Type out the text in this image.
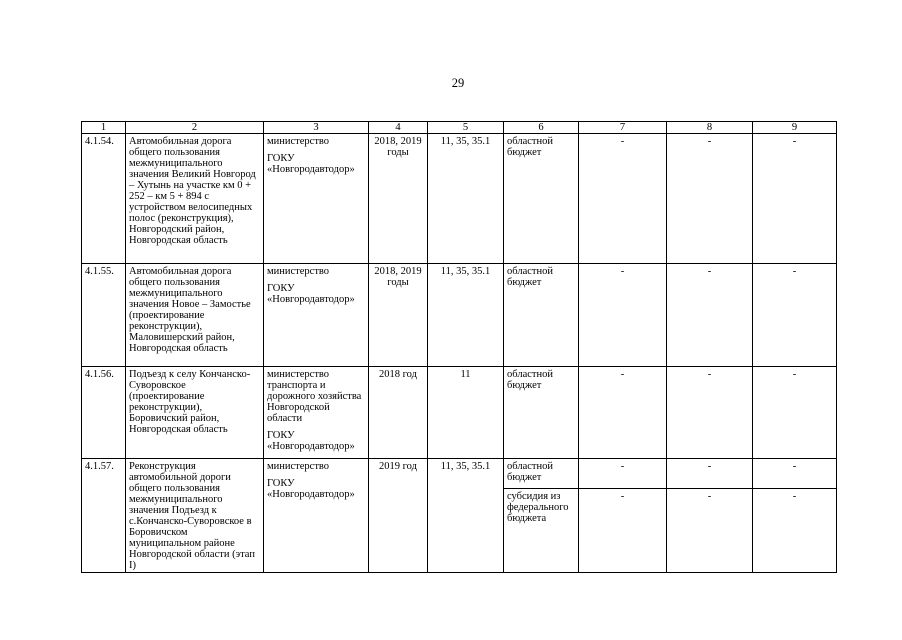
29
1	2	3	4	5	6	7	8	9
4.1.54.	Автомобильная дорога общего пользования межмуниципального значения Великий Новгород – Хутынь на участке км 0 + 252 – км 5 + 894 с устройством велосипедных полос (реконструкция), Новгородский район, Новгородская область	министерство
ГОКУ «Новгородавтодор»	2018, 2019 годы	11, 35, 35.1	областной бюджет	-	-	-
4.1.55.	Автомобильная дорога общего пользования межмуниципального значения Новое – Замостье (проектирование реконструкции), Маловишерский район, Новгородская область	министерство
ГОКУ «Новгородавтодор»	2018, 2019 годы	11, 35, 35.1	областной бюджет	-	-	-
4.1.56.	Подъезд к селу Кончанско-Суворовское (проектирование реконструкции), Боровичский район, Новгородская область	министерство транспорта и дорожного хозяйства Новгородской области
ГОКУ «Новгородавтодор»	2018 год	11	областной бюджет	-	-	-
4.1.57.	Реконструкция автомобильной дороги общего пользования межмуниципального значения Подъезд к с.Кончанско-Суворовское в Боровичском муниципальном районе Новгородской области (этап I)	министерство
ГОКУ «Новгородавтодор»	2019 год	11, 35, 35.1	областной бюджет	-	-	-
					субсидия из федерального бюджета	-	-	-
